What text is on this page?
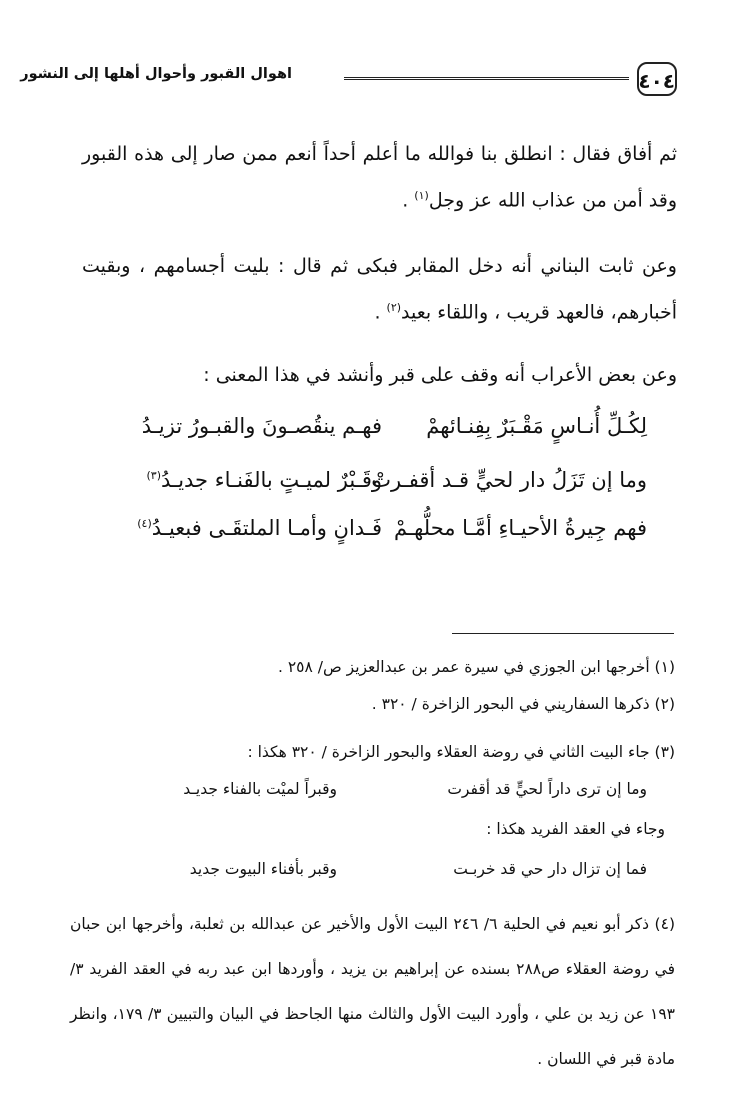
٤٠٤
اهوال القبور وأحوال أهلها إلى النشور
ثم أفاق فقال : انطلق بنا فوالله ما أعلم أحداً أنعم ممن صار إلى هذه القبور وقد أمن من عذاب الله عز وجل$^{(١)}$ .
وعن ثابت البناني أنه دخل المقابر فبكى ثم قال : بليت أجسامهم ، وبقيت أخبارهم، فالعهد قريب ، واللقاء بعيد$^{(٢)}$ .
وعن بعض الأعراب أنه وقف على قبر وأنشد في هذا المعنى :
لِكُـلِّ أُنـاسٍ مَقْـبَرٌ بِفِنـائهمْ
فهـم ينقُصـونَ والقبـورُ تزيـدُ
وما إن تَزَلُ دار لحيٍّ قـد أقفـرتْ
وقَـبْرٌ لميـتٍ بالفَنـاء جديـدُ$^{(٣)}$
فهم جِيرةُ الأحيـاءِ أمَّـا محلُّهـمْ
فَـدانٍ وأمـا الملتقَـى فبعيـدُ$^{(٤)}$
(١) أخرجها ابن الجوزي في سيرة عمر بن عبدالعزيز ص/ ٢٥٨ .
(٢) ذكرها السفاريني في البحور الزاخرة / ٣٢٠ .
(٣) جاء البيت الثاني في روضة العقلاء والبحور الزاخرة / ٣٢٠ هكذا :
وما إن ترى داراً لحيٍّ قد أقفرت
وقبراً لميْت بالفناء جديـد
وجاء في العقد الفريد هكذا :
فما إن تزال دار حي قد خربـت
وقبر بأفناء البيوت جديد
(٤) ذكر أبو نعيم في الحلية ٦/ ٢٤٦ البيت الأول والأخير عن عبدالله بن ثعلبة، وأخرجها ابن حبان في روضة العقلاء ص٢٨٨ بسنده عن إبراهيم بن يزيد ، وأوردها ابن عبد ربه في العقد الفريد ٣/ ١٩٣ عن زيد بن علي ، وأورد البيت الأول والثالث منها الجاحظ في البيان والتبيين ٣/ ١٧٩، وانظر مادة قبر في اللسان .
